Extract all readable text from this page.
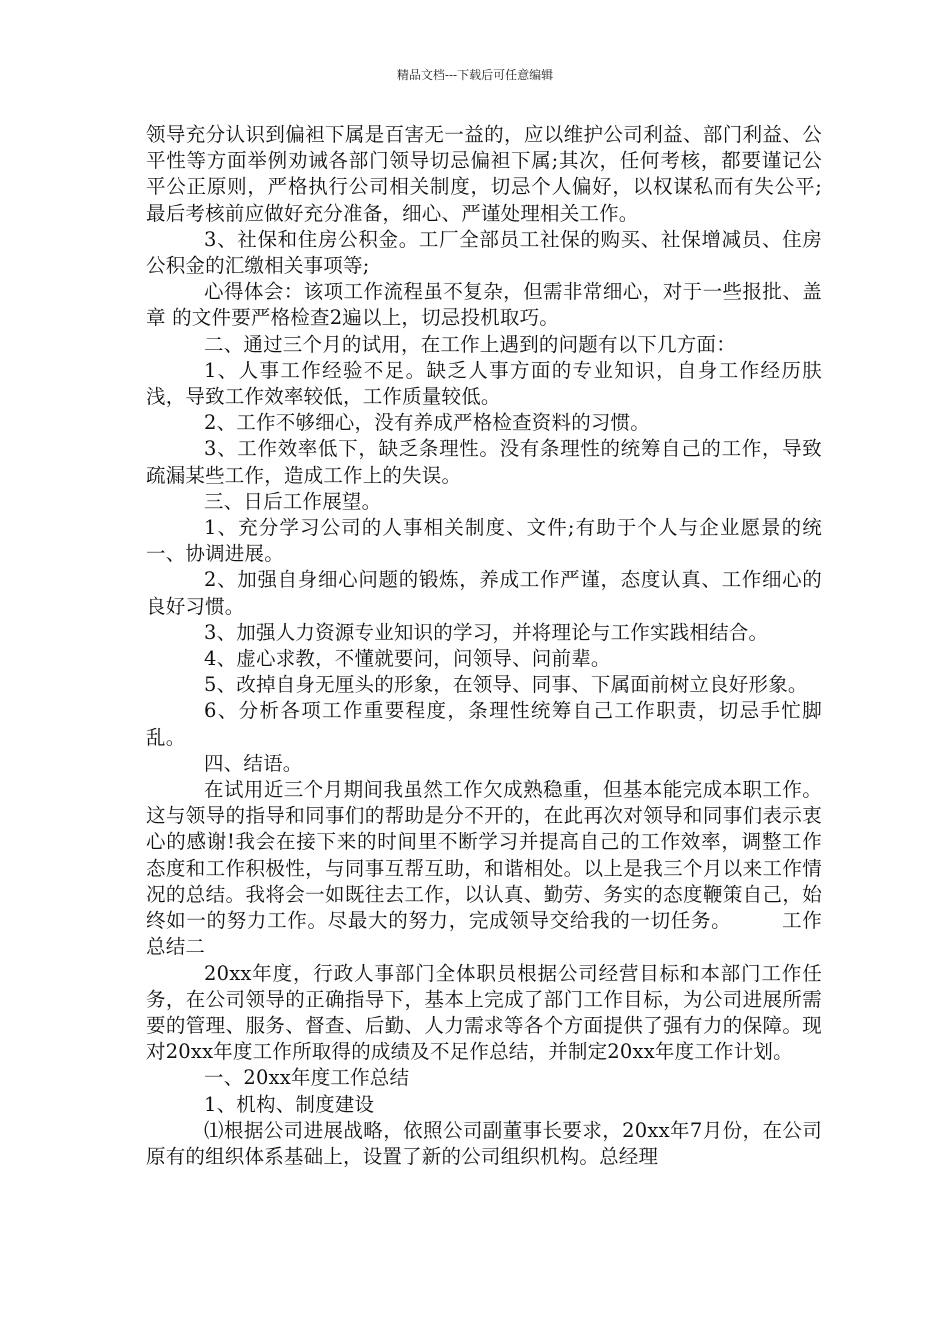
精品文档---下载后可任意编辑

领导充分认识到偏袒下属是百害无一益的，应以维护公司利益、部门利益、公平性等方面举例劝诫各部门领导切忌偏袒下属;其次，任何考核，都要谨记公平公正原则，严格执行公司相关制度，切忌个人偏好，以权谋私而有失公平;最后考核前应做好充分准备，细心、严谨处理相关工作。

3、社保和住房公积金。工厂全部员工社保的购买、社保增减员、住房公积金的汇缴相关事项等;

心得体会：该项工作流程虽不复杂，但需非常细心，对于一些报批、盖章 的文件要严格检查2遍以上，切忌投机取巧。

二、通过三个月的试用，在工作上遇到的问题有以下几方面：

1、人事工作经验不足。缺乏人事方面的专业知识，自身工作经历肤浅，导致工作效率较低，工作质量较低。

2、工作不够细心，没有养成严格检查资料的习惯。

3、工作效率低下，缺乏条理性。没有条理性的统筹自己的工作，导致疏漏某些工作，造成工作上的失误。

三、日后工作展望。

1、充分学习公司的人事相关制度、文件;有助于个人与企业愿景的统一、协调进展。

2、加强自身细心问题的锻炼，养成工作严谨，态度认真、工作细心的良好习惯。

3、加强人力资源专业知识的学习，并将理论与工作实践相结合。

4、虚心求教，不懂就要问，问领导、问前辈。

5、改掉自身无厘头的形象，在领导、同事、下属面前树立良好形象。

6、分析各项工作重要程度，条理性统筹自己工作职责，切忌手忙脚乱。

四、结语。

在试用近三个月期间我虽然工作欠成熟稳重，但基本能完成本职工作。这与领导的指导和同事们的帮助是分不开的，在此再次对领导和同事们表示衷心的感谢!我会在接下来的时间里不断学习并提高自己的工作效率，调整工作态度和工作积极性，与同事互帮互助，和谐相处。以上是我三个月以来工作情况的总结。我将会一如既往去工作，以认真、勤劳、务实的态度鞭策自己，始终如一的努力工作。尽最大的努力，完成领导交给我的一切任务。　　　工作总结二

20xx年度，行政人事部门全体职员根据公司经营目标和本部门工作任务，在公司领导的正确指导下，基本上完成了部门工作目标，为公司进展所需要的管理、服务、督查、后勤、人力需求等各个方面提供了强有力的保障。现对20xx年度工作所取得的成绩及不足作总结，并制定20xx年度工作计划。

一、20xx年度工作总结

1、机构、制度建设

⑴根据公司进展战略，依照公司副董事长要求，20xx年7月份，在公司原有的组织体系基础上，设置了新的公司组织机构。总经理
